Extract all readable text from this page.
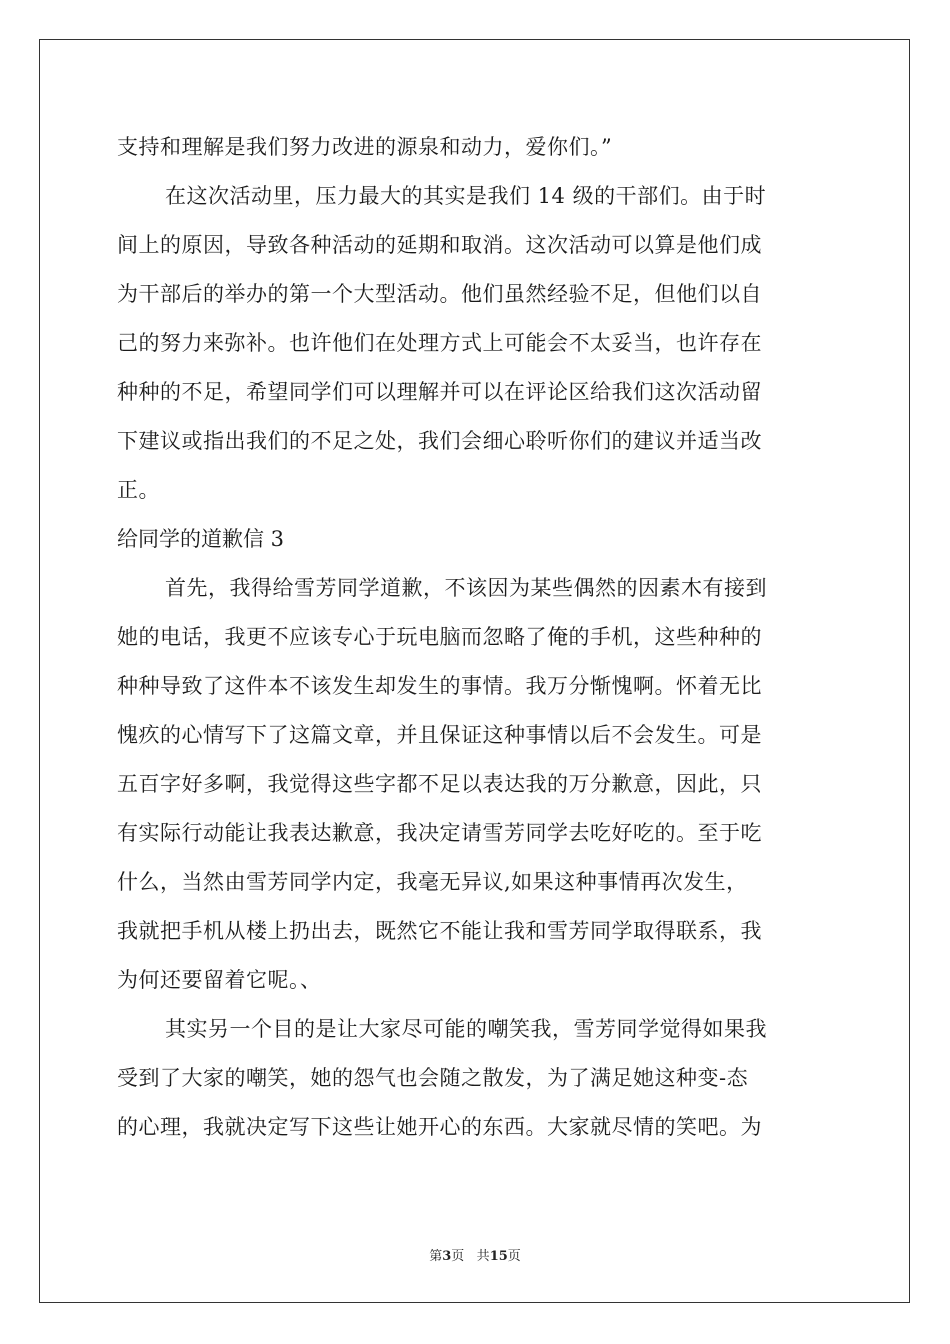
支持和理解是我们努力改进的源泉和动力，爱你们。”
在这次活动里，压力最大的其实是我们 14 级的干部们。由于时
间上的原因，导致各种活动的延期和取消。这次活动可以算是他们成
为干部后的举办的第一个大型活动。他们虽然经验不足，但他们以自
己的努力来弥补。也许他们在处理方式上可能会不太妥当，也许存在
种种的不足，希望同学们可以理解并可以在评论区给我们这次活动留
下建议或指出我们的不足之处，我们会细心聆听你们的建议并适当改
正。
给同学的道歉信 3
首先，我得给雪芳同学道歉，不该因为某些偶然的因素木有接到
她的电话，我更不应该专心于玩电脑而忽略了俺的手机，这些种种的
种种导致了这件本不该发生却发生的事情。我万分惭愧啊。怀着无比
愧疚的心情写下了这篇文章，并且保证这种事情以后不会发生。可是
五百字好多啊，我觉得这些字都不足以表达我的万分歉意，因此，只
有实际行动能让我表达歉意，我决定请雪芳同学去吃好吃的。至于吃
什么，当然由雪芳同学内定，我毫无异议,如果这种事情再次发生，
我就把手机从楼上扔出去，既然它不能让我和雪芳同学取得联系，我
为何还要留着它呢。、
其实另一个目的是让大家尽可能的嘲笑我，雪芳同学觉得如果我
受到了大家的嘲笑，她的怨气也会随之散发，为了满足她这种变-态
的心理，我就决定写下这些让她开心的东西。大家就尽情的笑吧。为
第3页 共15页
